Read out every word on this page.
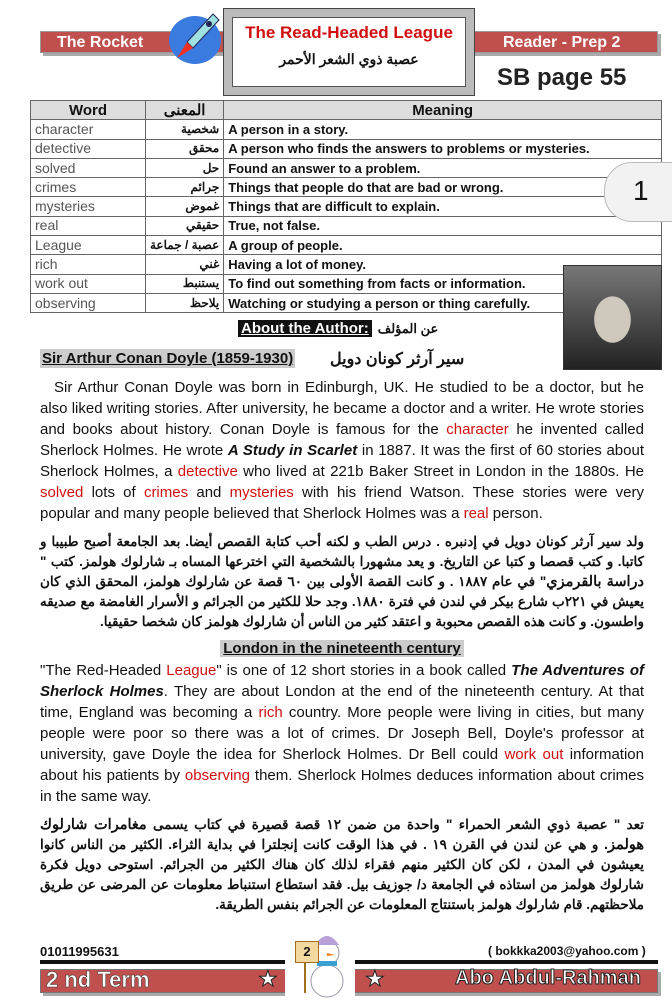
The Rocket	Reader - Prep 2
The Read-Headed League
عصبة ذوي الشعر الأحمر
SB page 55
Word	المعنى	Meaning
character	شخصية	A person in a story.
detective	محقق	A person who finds the answers to problems or mysteries.
solved	حل	Found an answer to a problem.
crimes	جرائم	Things that people do that are bad or wrong.
mysteries	غموض	Things that are difficult to explain.
real	حقيقي	True, not false.
League	عصبة / جماعة	A group of people.
rich	غني	Having a lot of money.
work out	يستنبط	To find out something from facts or information.
observing	يلاحظ	Watching or studying a person or thing carefully.
1
About the Author: عن المؤلف
Sir Arthur Conan Doyle (1859-1930) سير آرثر كونان دويل
Sir Arthur Conan Doyle was born in Edinburgh, UK. He studied to be a doctor, but he also liked writing stories. After university, he became a doctor and a writer. He wrote stories and books about history. Conan Doyle is famous for the character he invented called Sherlock Holmes. He wrote A Study in Scarlet in 1887. It was the first of 60 stories about Sherlock Holmes, a detective who lived at 221b Baker Street in London in the 1880s. He solved lots of crimes and mysteries with his friend Watson. These stories were very popular and many people believed that Sherlock Holmes was a real person.
ولد سير آرثر كونان دويل في إدنبره . درس الطب و لكنه أحب كتابة القصص أيضا. بعد الجامعة أصبح طبيبا و كاتبا. و كتب قصصا و كتبا عن التاريخ. و يعد مشهورا بالشخصية التي اخترعها المساه بـ شارلوك هولمز. كتب " دراسة بالقرمزي" في عام ١٨٨٧ . و كانت القصة الأولى بين ٦٠ قصة عن شارلوك هولمز، المحقق الذي كان يعيش في ٢٢١ب شارع بيكر في لندن في فترة ١٨٨٠. وجد حلا للكثير من الجرائم و الأسرار الغامضة مع صديقه واطسون. و كانت هذه القصص محبوبة و اعتقد كثير من الناس أن شارلوك هولمز كان شخصا حقيقيا.
London in the nineteenth century
"The Red-Headed League" is one of 12 short stories in a book called The Adventures of Sherlock Holmes. They are about London at the end of the nineteenth century. At that time, England was becoming a rich country. More people were living in cities, but many people were poor so there was a lot of crimes. Dr Joseph Bell, Doyle's professor at university, gave Doyle the idea for Sherlock Holmes. Dr Bell could work out information about his patients by observing them. Sherlock Holmes deduces information about crimes in the same way.
تعد " عصبة ذوي الشعر الحمراء " واحدة من ضمن ١٢ قصة قصيرة في كتاب يسمى مغامرات شارلوك هولمز. و هي عن لندن في القرن ١٩ . في هذا الوقت كانت إنجلترا في بداية الثراء. الكثير من الناس كانوا يعيشون في المدن ، لكن كان الكثير منهم فقراء لذلك كان هناك الكثير من الجرائم. استوحى دويل فكرة شارلوك هولمز من استاذه في الجامعة د/ جوزيف بيل. فقد استطاع استنباط معلومات عن المرضى عن طريق ملاحظتهم. قام شارلوك هولمز باستنتاج المعلومات عن الجرائم بنفس الطريقة.
01011995631	( bokkka2003@yahoo.com )
2 nd Term	★	★	Abo Abdul-Rahman
2
